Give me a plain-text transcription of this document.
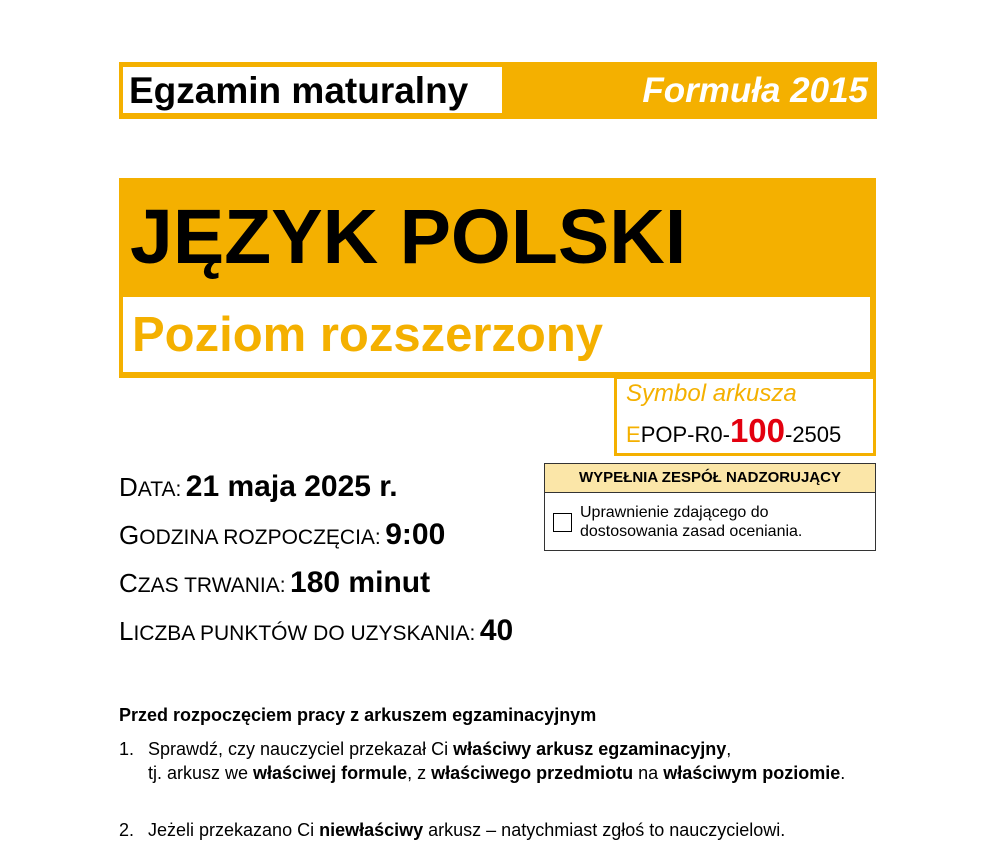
Egzamin maturalny	Formuła 2015
JĘZYK POLSKI
Poziom rozszerzony
Symbol arkusza
EPOP-R0-100-2505
DATA: 21 maja 2025 r.
GODZINA ROZPOCZĘCIA: 9:00
CZAS TRWANIA: 180 minut
LICZBA PUNKTÓW DO UZYSKANIA: 40
WYPEŁNIA ZESPÓŁ NADZORUJĄCY
Uprawnienie zdającego do dostosowania zasad oceniania.
Przed rozpoczęciem pracy z arkuszem egzaminacyjnym
1. Sprawdź, czy nauczyciel przekazał Ci właściwy arkusz egzaminacyjny,
tj. arkusz we właściwej formule, z właściwego przedmiotu na właściwym poziomie.
2. Jeżeli przekazano Ci niewłaściwy arkusz – natychmiast zgłoś to nauczycielowi.
